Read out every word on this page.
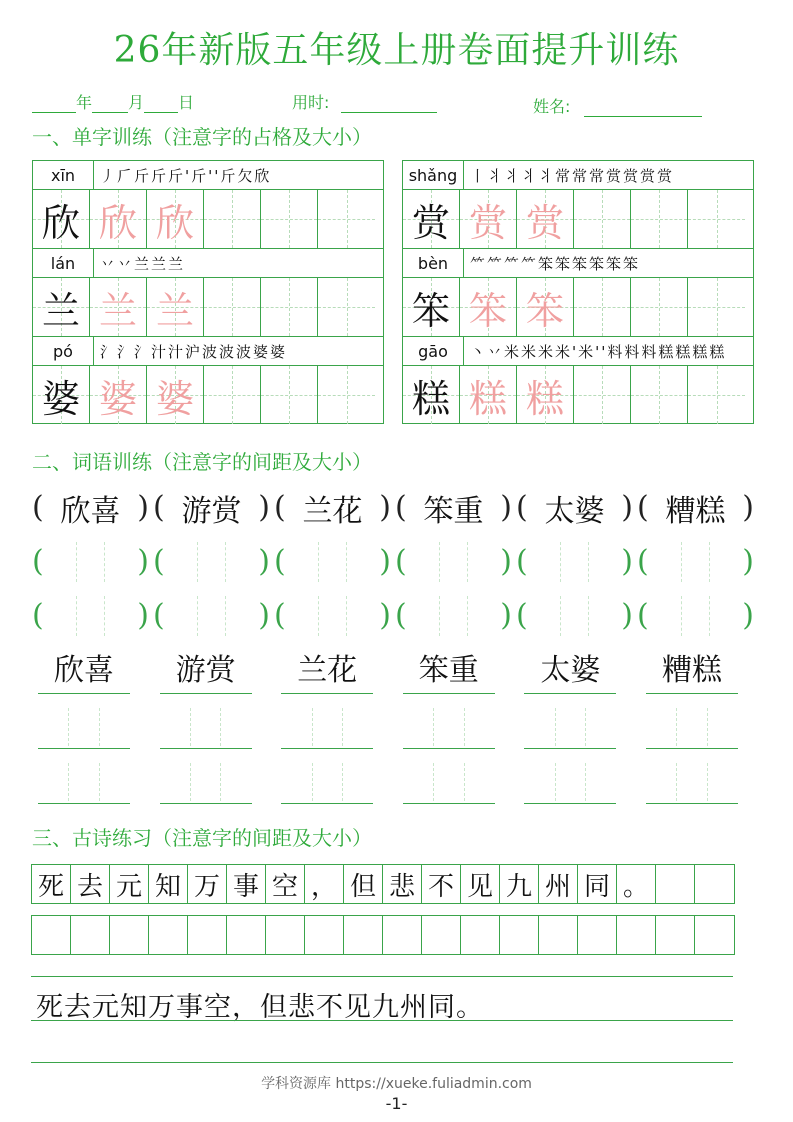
26年新版五年级上册卷面提升训练
年 月 日	用时:	姓名:
一、单字训练（注意字的占格及大小）
xīn	丿𠂆斤斤斤'斤''斤欠欣
欣 欣 欣
lán	丷丷兰兰兰
兰 兰 兰
pó	氵氵氵汁汁沪波波波婆婆
婆 婆 婆
shǎng 丨丬丬丬丬常常常赏赏赏赏
赏 赏 赏
bèn	⺮⺮⺮⺮笨笨笨笨笨笨
笨 笨 笨
gāo	丶丷米米米米'米''料料料糕糕糕糕
糕 糕 糕
二、词语训练（注意字的间距及大小）
( 欣喜 ) ( 游赏 ) ( 兰花 ) ( 笨重 ) ( 太婆 ) ( 糟糕 )
(	) (	) (	) (	) (	) (	)
(	) (	) (	) (	) (	) (	)
欣喜	游赏	兰花	笨重	太婆	糟糕
三、古诗练习（注意字的间距及大小）
死 去 元 知 万 事 空 ， 但 悲 不 见 九 州 同 。
死去元知万事空，但悲不见九州同。
学科资源库 https://xueke.fuliadmin.com
-1-
